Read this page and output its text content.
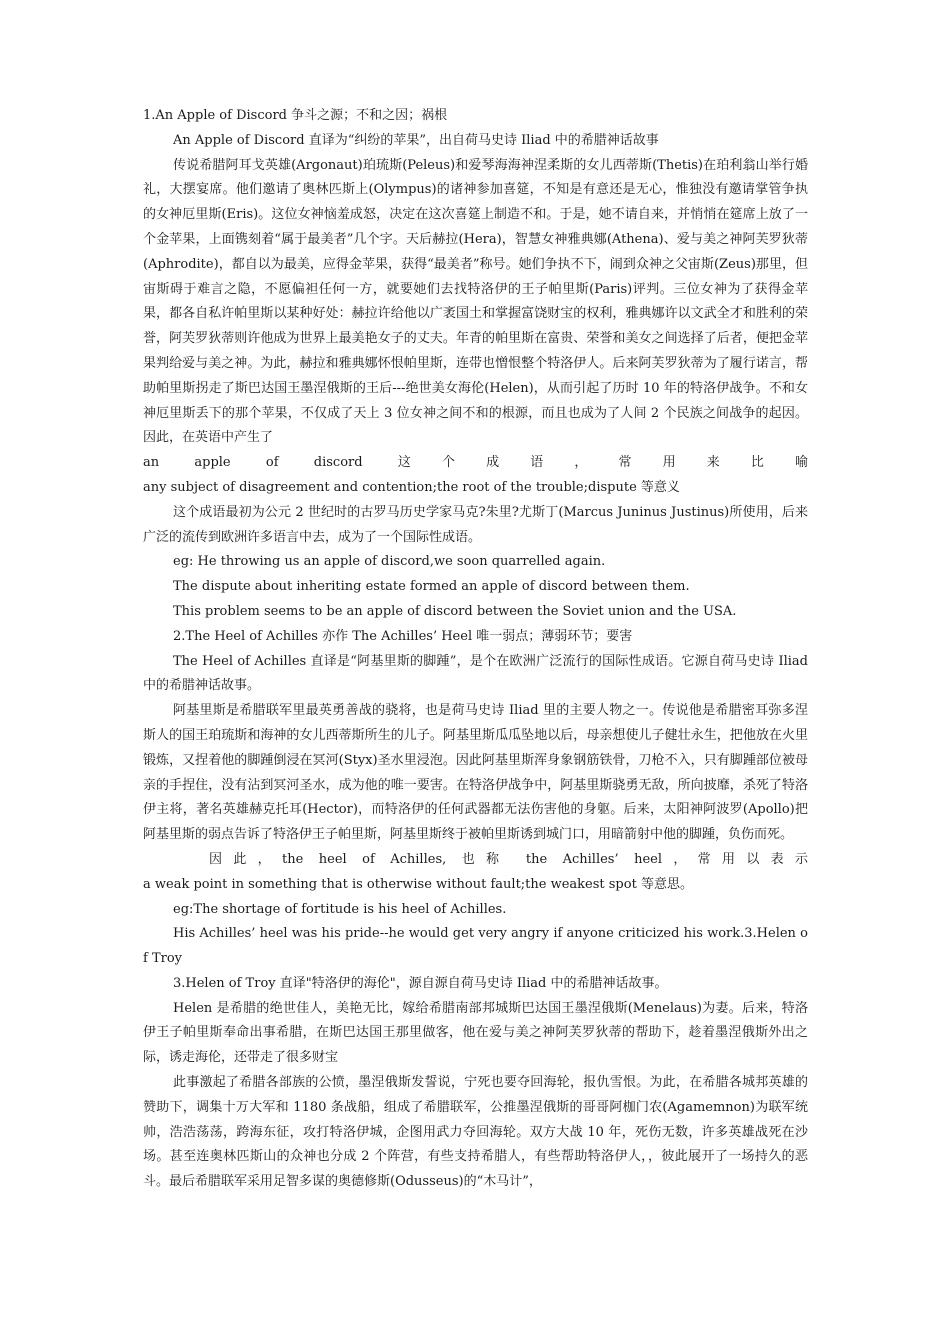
1.An Apple of Discord 争斗之源；不和之因；祸根

An Apple of Discord 直译为“纠纷的苹果”，出自荷马史诗 Iliad 中的希腊神话故事

传说希腊阿耳戈英雄(Argonaut)珀琉斯(Peleus)和爱琴海海神涅柔斯的女儿西蒂斯(Thetis)在珀利翁山举行婚礼，大摆宴席。他们邀请了奥林匹斯上(Olympus)的诸神参加喜筵，不知是有意还是无心，惟独没有邀请掌管争执的女神厄里斯(Eris)。这位女神恼羞成怒，决定在这次喜筵上制造不和。于是，她不请自来，并悄悄在筵席上放了一个金苹果，上面镌刻着“属于最美者”几个字。天后赫拉(Hera)，智慧女神雅典娜(Athena)、爱与美之神阿芙罗狄蒂(Aphrodite)，都自以为最美，应得金苹果，获得“最美者”称号。她们争执不下，闹到众神之父宙斯(Zeus)那里，但宙斯碍于难言之隐，不愿偏袒任何一方，就要她们去找特洛伊的王子帕里斯(Paris)评判。三位女神为了获得金苹果，都各自私许帕里斯以某种好处：赫拉许给他以广袤国土和掌握富饶财宝的权利，雅典娜许以文武全才和胜利的荣誉，阿芙罗狄蒂则许他成为世界上最美艳女子的丈夫。年青的帕里斯在富贵、荣誉和美女之间选择了后者，便把金苹果判给爱与美之神。为此，赫拉和雅典娜怀恨帕里斯，连带也憎恨整个特洛伊人。后来阿芙罗狄蒂为了履行诺言，帮助帕里斯拐走了斯巴达国王墨涅俄斯的王后---绝世美女海伦(Helen)，从而引起了历时 10 年的特洛伊战争。不和女神厄里斯丢下的那个苹果，不仅成了天上 3 位女神之间不和的根源，而且也成为了人间 2 个民族之间战争的起因。因此，在英语中产生了

an apple of discord 这个成语，常用来比喻

any subject of disagreement and contention;the root of the trouble;dispute 等意义

这个成语最初为公元 2 世纪时的古罗马历史学家马克?朱里?尤斯丁(Marcus Juninus Justinus)所使用，后来广泛的流传到欧洲许多语言中去，成为了一个国际性成语。

eg: He throwing us an apple of discord,we soon quarrelled again.

The dispute about inheriting estate formed an apple of discord between them.

This problem seems to be an apple of discord between the Soviet union and the USA.

2.The Heel of Achilles 亦作 The Achilles’ Heel 唯一弱点；薄弱环节；要害

The Heel of Achilles 直译是“阿基里斯的脚踵”，是个在欧洲广泛流行的国际性成语。它源自荷马史诗 Iliad 中的希腊神话故事。

阿基里斯是希腊联军里最英勇善战的骁将，也是荷马史诗 Iliad 里的主要人物之一。传说他是希腊密耳弥多涅斯人的国王珀琉斯和海神的女儿西蒂斯所生的儿子。阿基里斯瓜瓜坠地以后，母亲想使儿子健壮永生，把他放在火里锻炼，又捏着他的脚踵倒浸在冥河(Styx)圣水里浸泡。因此阿基里斯浑身象钢筋铁骨，刀枪不入，只有脚踵部位被母亲的手捏住，没有沾到冥河圣水，成为他的唯一要害。在特洛伊战争中，阿基里斯骁勇无敌，所向披靡，杀死了特洛伊主将，著名英雄赫克托耳(Hector)，而特洛伊的任何武器都无法伤害他的身躯。后来，太阳神阿波罗(Apollo)把阿基里斯的弱点告诉了特洛伊王子帕里斯，阿基里斯终于被帕里斯诱到城门口，用暗箭射中他的脚踵，负伤而死。

因此，the heel of Achilles, 也称 the Achilles’ heel，常用以表示

a weak point in something that is otherwise without fault;the weakest spot 等意思。

eg:The shortage of fortitude is his heel of Achilles.

His Achilles’ heel was his pride--he would get very angry if anyone criticized his work.3.Helen of Troy

3.Helen of Troy 直译"特洛伊的海伦"，源自源自荷马史诗 Iliad 中的希腊神话故事。

Helen 是希腊的绝世佳人，美艳无比，嫁给希腊南部邦城斯巴达国王墨涅俄斯(Menelaus)为妻。后来，特洛伊王子帕里斯奉命出事希腊，在斯巴达国王那里做客，他在爱与美之神阿芙罗狄蒂的帮助下，趁着墨涅俄斯外出之际，诱走海伦，还带走了很多财宝

此事激起了希腊各部族的公愤，墨涅俄斯发誓说，宁死也要夺回海轮，报仇雪恨。为此，在希腊各城邦英雄的赞助下，调集十万大军和 1180 条战船，组成了希腊联军，公推墨涅俄斯的哥哥阿枷门农(Agamemnon)为联军统帅，浩浩荡荡，跨海东征，攻打特洛伊城，企图用武力夺回海轮。双方大战 10 年，死伤无数，许多英雄战死在沙场。甚至连奥林匹斯山的众神也分成 2 个阵营，有些支持希腊人，有些帮助特洛伊人，，彼此展开了一场持久的恶斗。最后希腊联军采用足智多谋的奥德修斯(Odusseus)的“木马计”，
